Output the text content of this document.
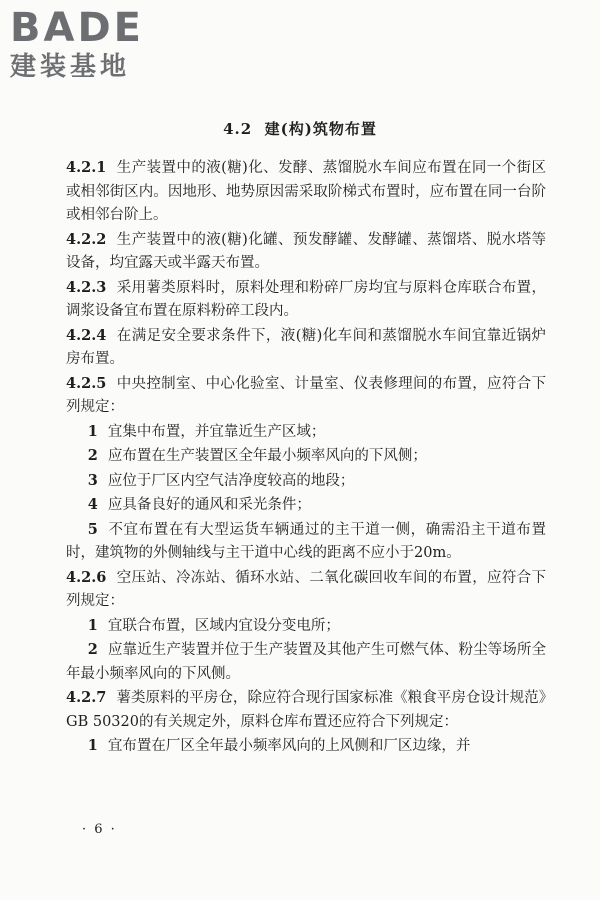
BADE
建装基地
4.2 建(构)筑物布置

4.2.1 生产装置中的液(糖)化、发酵、蒸馏脱水车间应布置在同一个街区或相邻街区内。因地形、地势原因需采取阶梯式布置时，应布置在同一台阶或相邻台阶上。

4.2.2 生产装置中的液(糖)化罐、预发酵罐、发酵罐、蒸馏塔、脱水塔等设备，均宜露天或半露天布置。

4.2.3 采用薯类原料时，原料处理和粉碎厂房均宜与原料仓库联合布置，调浆设备宜布置在原料粉碎工段内。

4.2.4 在满足安全要求条件下，液(糖)化车间和蒸馏脱水车间宜靠近锅炉房布置。

4.2.5 中央控制室、中心化验室、计量室、仪表修理间的布置，应符合下列规定：

1 宜集中布置，并宜靠近生产区域；

2 应布置在生产装置区全年最小频率风向的下风侧；

3 应位于厂区内空气洁净度较高的地段；

4 应具备良好的通风和采光条件；

5 不宜布置在有大型运货车辆通过的主干道一侧，确需沿主干道布置时，建筑物的外侧轴线与主干道中心线的距离不应小于20m。

4.2.6 空压站、冷冻站、循环水站、二氧化碳回收车间的布置，应符合下列规定：

1 宜联合布置，区域内宜设分变电所；

2 应靠近生产装置并位于生产装置及其他产生可燃气体、粉尘等场所全年最小频率风向的下风侧。

4.2.7 薯类原料的平房仓，除应符合现行国家标准《粮食平房仓设计规范》GB 50320的有关规定外，原料仓库布置还应符合下列规定：

1 宜布置在厂区全年最小频率风向的上风侧和厂区边缘，并

· 6 ·
